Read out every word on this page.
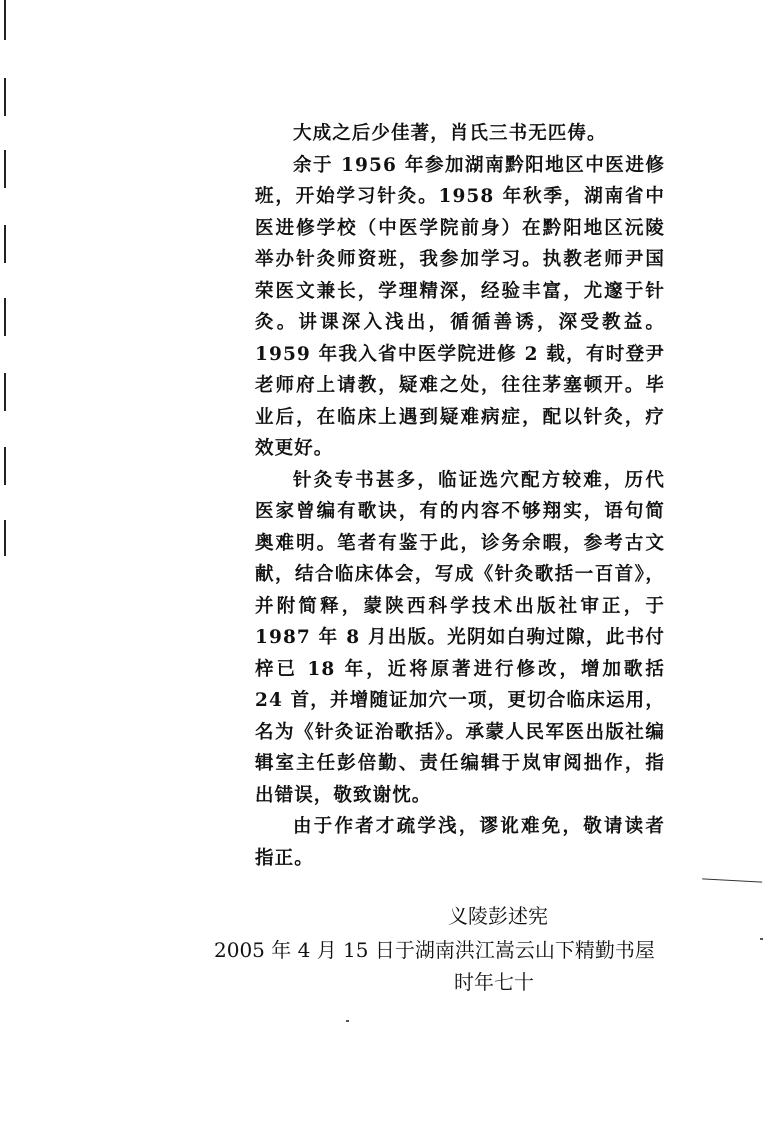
大成之后少佳著，肖氏三书无匹俦。

余于 1956 年参加湖南黔阳地区中医进修班，开始学习针灸。1958 年秋季，湖南省中医进修学校（中医学院前身）在黔阳地区沅陵举办针灸师资班，我参加学习。执教老师尹国荣医文兼长，学理精深，经验丰富，尤邃于针灸。讲课深入浅出，循循善诱，深受教益。1959 年我入省中医学院进修 2 载，有时登尹老师府上请教，疑难之处，往往茅塞顿开。毕业后，在临床上遇到疑难病症，配以针灸，疗效更好。

针灸专书甚多，临证选穴配方较难，历代医家曾编有歌诀，有的内容不够翔实，语句简奥难明。笔者有鉴于此，诊务余暇，参考古文献，结合临床体会，写成《针灸歌括一百首》，并附简释，蒙陕西科学技术出版社审正，于 1987 年 8 月出版。光阴如白驹过隙，此书付梓已 18 年，近将原著进行修改，增加歌括 24 首，并增随证加穴一项，更切合临床运用，名为《针灸证治歌括》。承蒙人民军医出版社编辑室主任彭倍勤、责任编辑于岚审阅拙作，指出错误，敬致谢忱。

由于作者才疏学浅，谬讹难免，敬请读者指正。

义陵彭述宪
2005 年 4 月 15 日于湖南洪江嵩云山下精勤书屋
时年七十
